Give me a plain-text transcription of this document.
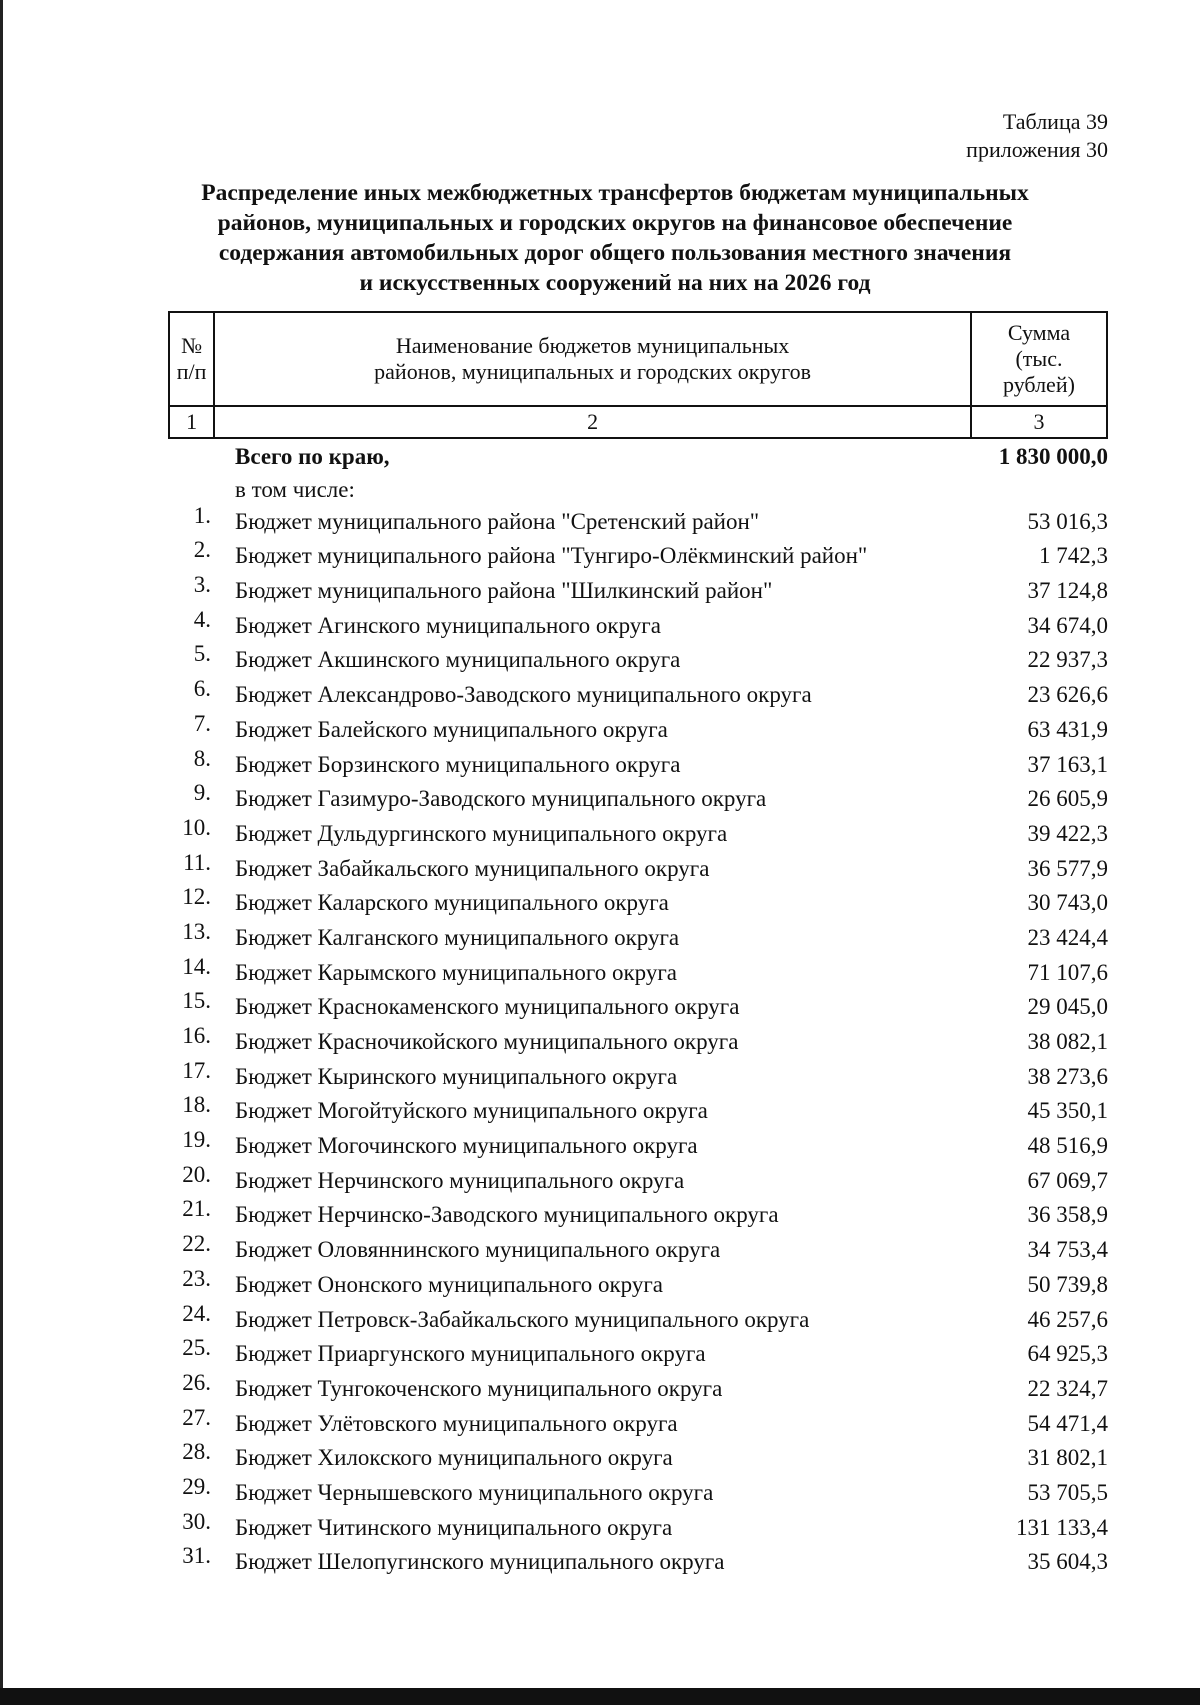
Таблица 39
приложения 30
Распределение иных межбюджетных трансфертов бюджетам муниципальных
районов, муниципальных и городских округов на финансовое обеспечение
содержания автомобильных дорог общего пользования местного значения
и искусственных сооружений на них на 2026 год
№ п/п	Наименование бюджетов муниципальных районов, муниципальных и городских округов	Сумма (тыс. рублей)
1	2	3
Всего по краю,	1 830 000,0
в том числе:
1. Бюджет муниципального района "Сретенский район"	53 016,3
2. Бюджет муниципального района "Тунгиро-Олёкминский район"	1 742,3
3. Бюджет муниципального района "Шилкинский район"	37 124,8
4. Бюджет Агинского муниципального округа	34 674,0
5. Бюджет Акшинского муниципального округа	22 937,3
6. Бюджет Александрово-Заводского муниципального округа	23 626,6
7. Бюджет Балейского муниципального округа	63 431,9
8. Бюджет Борзинского муниципального округа	37 163,1
9. Бюджет Газимуро-Заводского муниципального округа	26 605,9
10. Бюджет Дульдургинского муниципального округа	39 422,3
11. Бюджет Забайкальского муниципального округа	36 577,9
12. Бюджет Каларского муниципального округа	30 743,0
13. Бюджет Калганского муниципального округа	23 424,4
14. Бюджет Карымского муниципального округа	71 107,6
15. Бюджет Краснокаменского муниципального округа	29 045,0
16. Бюджет Красночикойского муниципального округа	38 082,1
17. Бюджет Кыринского муниципального округа	38 273,6
18. Бюджет Могойтуйского муниципального округа	45 350,1
19. Бюджет Могочинского муниципального округа	48 516,9
20. Бюджет Нерчинского муниципального округа	67 069,7
21. Бюджет Нерчинско-Заводского муниципального округа	36 358,9
22. Бюджет Оловяннинского муниципального округа	34 753,4
23. Бюджет Ононского муниципального округа	50 739,8
24. Бюджет Петровск-Забайкальского муниципального округа	46 257,6
25. Бюджет Приаргунского муниципального округа	64 925,3
26. Бюджет Тунгокоченского муниципального округа	22 324,7
27. Бюджет Улётовского муниципального округа	54 471,4
28. Бюджет Хилокского муниципального округа	31 802,1
29. Бюджет Чернышевского муниципального округа	53 705,5
30. Бюджет Читинского муниципального округа	131 133,4
31. Бюджет Шелопугинского муниципального округа	35 604,3
